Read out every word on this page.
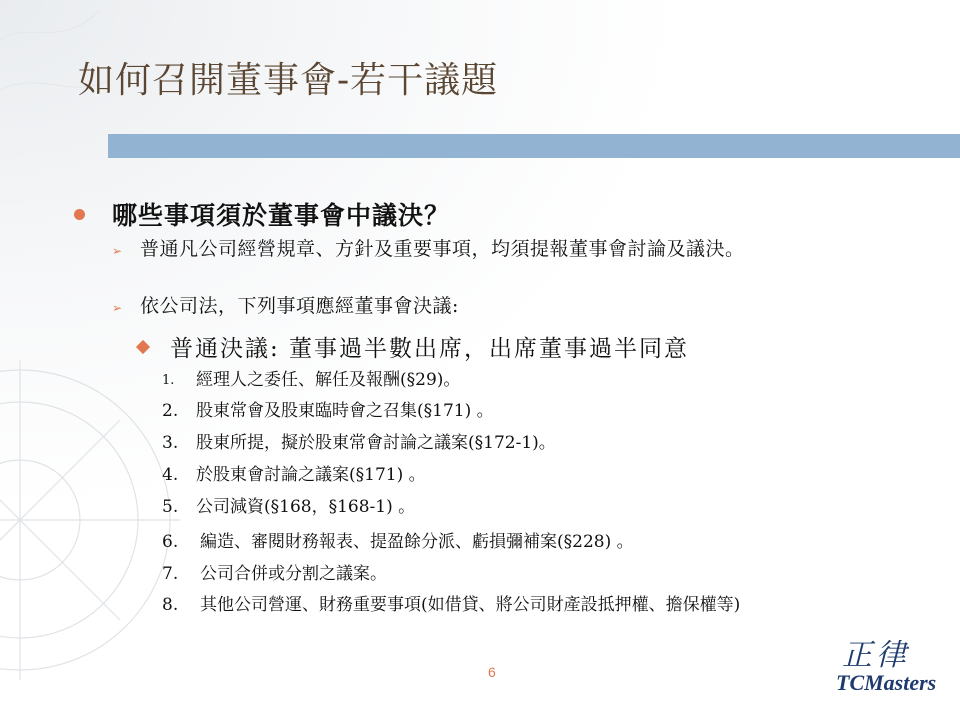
如何召開董事會-若干議題
哪些事項須於董事會中議決？
➢ 普通凡公司經營規章、方針及重要事項，均須提報董事會討論及議決。
➢ 依公司法，下列事項應經董事會決議:
普通決議: 董事過半數出席，出席董事過半同意
1.	經理人之委任、解任及報酬(§29)。
2.	股東常會及股東臨時會之召集(§171) 。
3.	股東所提，擬於股東常會討論之議案(§172-1)。
4.	於股東會討論之議案(§171) 。
5.	公司減資(§168，§168-1) 。
6.	編造、審閱財務報表、提盈餘分派、虧損彌補案(§228) 。
7.	公司合併或分割之議案。
8.	其他公司營運、財務重要事項(如借貸、將公司財產設抵押權、擔保權等)
6	正律
TCMasters
